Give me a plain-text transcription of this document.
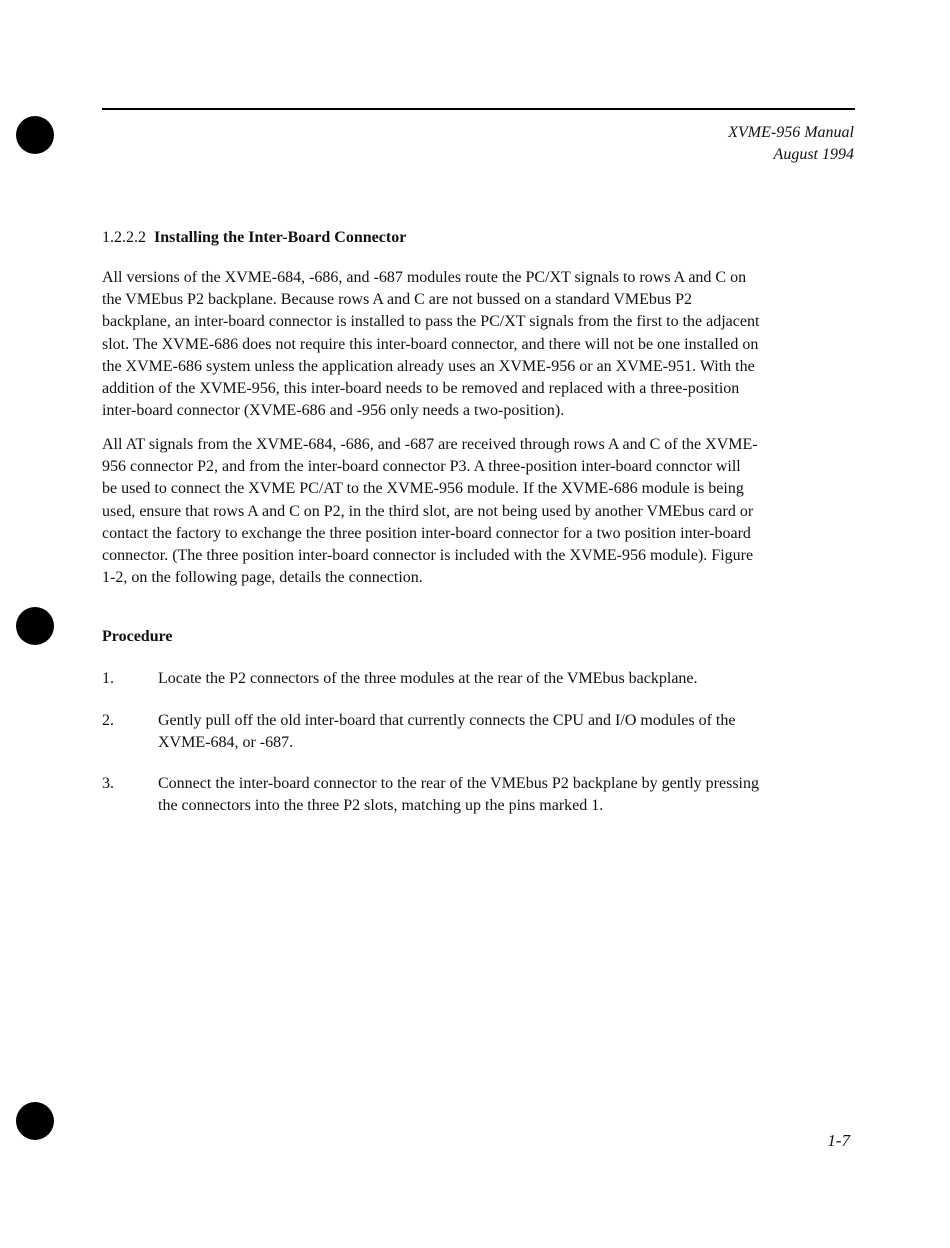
XVME-956 Manual
August 1994
1.2.2.2 Installing the Inter-Board Connector
All versions of the XVME-684, -686, and -687 modules route the PC/XT signals to rows A and C on
the VMEbus P2 backplane. Because rows A and C are not bussed on a standard VMEbus P2
backplane, an inter-board connector is installed to pass the PC/XT signals from the first to the adjacent
slot. The XVME-686 does not require this inter-board connector, and there will not be one installed on
the XVME-686 system unless the application already uses an XVME-956 or an XVME-951. With the
addition of the XVME-956, this inter-board needs to be removed and replaced with a three-position
inter-board connector (XVME-686 and -956 only needs a two-position).
All AT signals from the XVME-684, -686, and -687 are received through rows A and C of the XVME-
956 connector P2, and from the inter-board connector P3. A three-position inter-board connctor will
be used to connect the XVME PC/AT to the XVME-956 module. If the XVME-686 module is being
used, ensure that rows A and C on P2, in the third slot, are not being used by another VMEbus card or
contact the factory to exchange the three position inter-board connector for a two position inter-board
connector. (The three position inter-board connector is included with the XVME-956 module). Figure
1-2, on the following page, details the connection.
Procedure
1.	Locate the P2 connectors of the three modules at the rear of the VMEbus backplane.
2.	Gently pull off the old inter-board that currently connects the CPU and I/O modules of the
XVME-684, or -687.
3.	Connect the inter-board connector to the rear of the VMEbus P2 backplane by gently pressing
the connectors into the three P2 slots, matching up the pins marked 1.
1-7
